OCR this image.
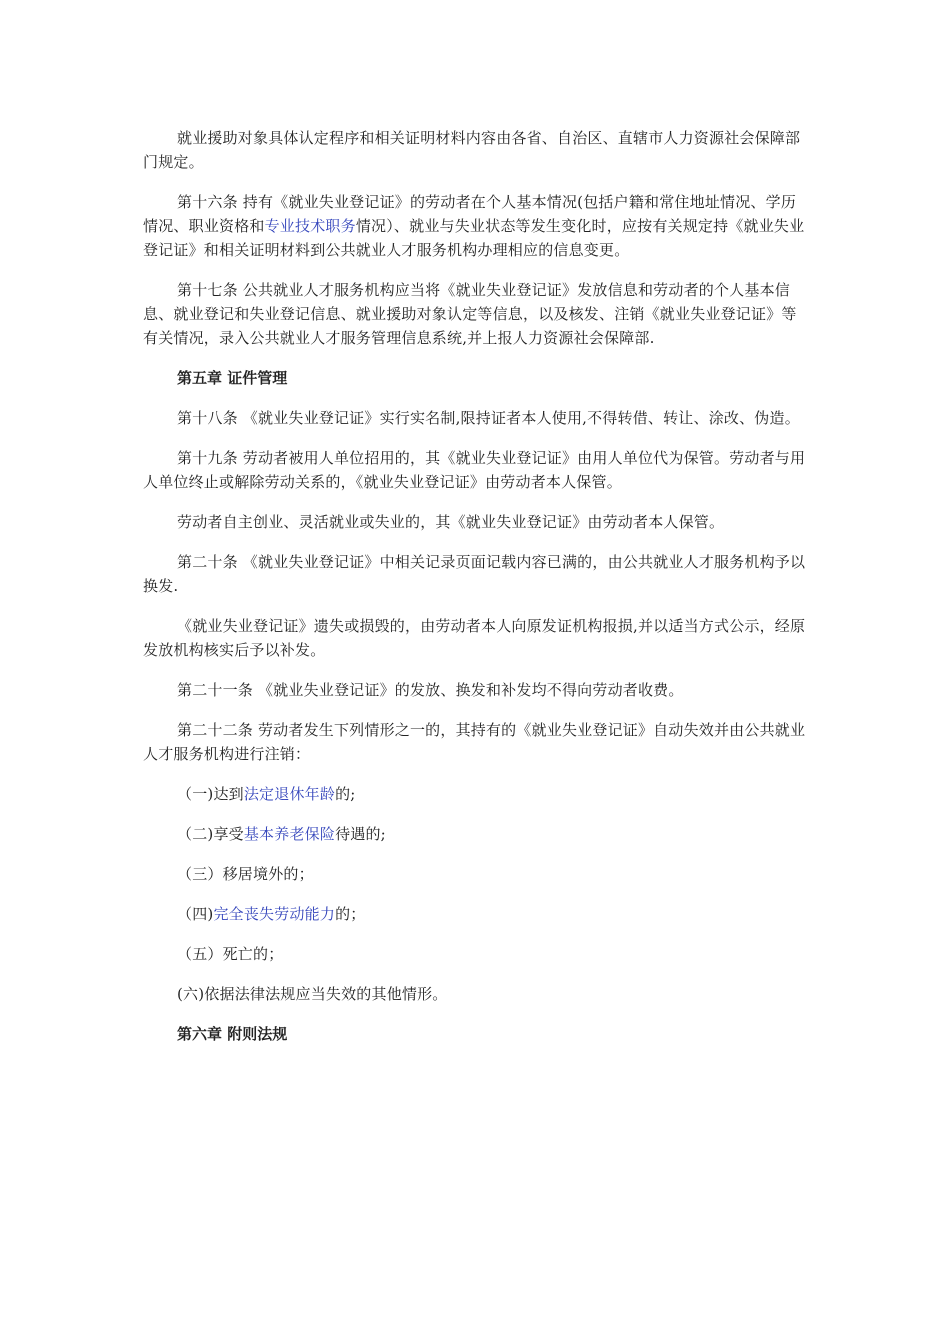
就业援助对象具体认定程序和相关证明材料内容由各省、自治区、直辖市人力资源社会保障部门规定。

第十六条 持有《就业失业登记证》的劳动者在个人基本情况(包括户籍和常住地址情况、学历情况、职业资格和专业技术职务情况）、就业与失业状态等发生变化时，应按有关规定持《就业失业登记证》和相关证明材料到公共就业人才服务机构办理相应的信息变更。

第十七条 公共就业人才服务机构应当将《就业失业登记证》发放信息和劳动者的个人基本信息、就业登记和失业登记信息、就业援助对象认定等信息，以及核发、注销《就业失业登记证》等有关情况，录入公共就业人才服务管理信息系统,并上报人力资源社会保障部.

第五章 证件管理

第十八条 《就业失业登记证》实行实名制,限持证者本人使用,不得转借、转让、涂改、伪造。

第十九条 劳动者被用人单位招用的，其《就业失业登记证》由用人单位代为保管。劳动者与用人单位终止或解除劳动关系的，《就业失业登记证》由劳动者本人保管。

劳动者自主创业、灵活就业或失业的，其《就业失业登记证》由劳动者本人保管。

第二十条 《就业失业登记证》中相关记录页面记载内容已满的，由公共就业人才服务机构予以换发.

《就业失业登记证》遗失或损毁的，由劳动者本人向原发证机构报损,并以适当方式公示，经原发放机构核实后予以补发。

第二十一条 《就业失业登记证》的发放、换发和补发均不得向劳动者收费。

第二十二条 劳动者发生下列情形之一的，其持有的《就业失业登记证》自动失效并由公共就业人才服务机构进行注销：

（一)达到法定退休年龄的;

（二)享受基本养老保险待遇的;

（三）移居境外的；

（四)完全丧失劳动能力的；

（五）死亡的；

(六)依据法律法规应当失效的其他情形。

第六章 附则法规
